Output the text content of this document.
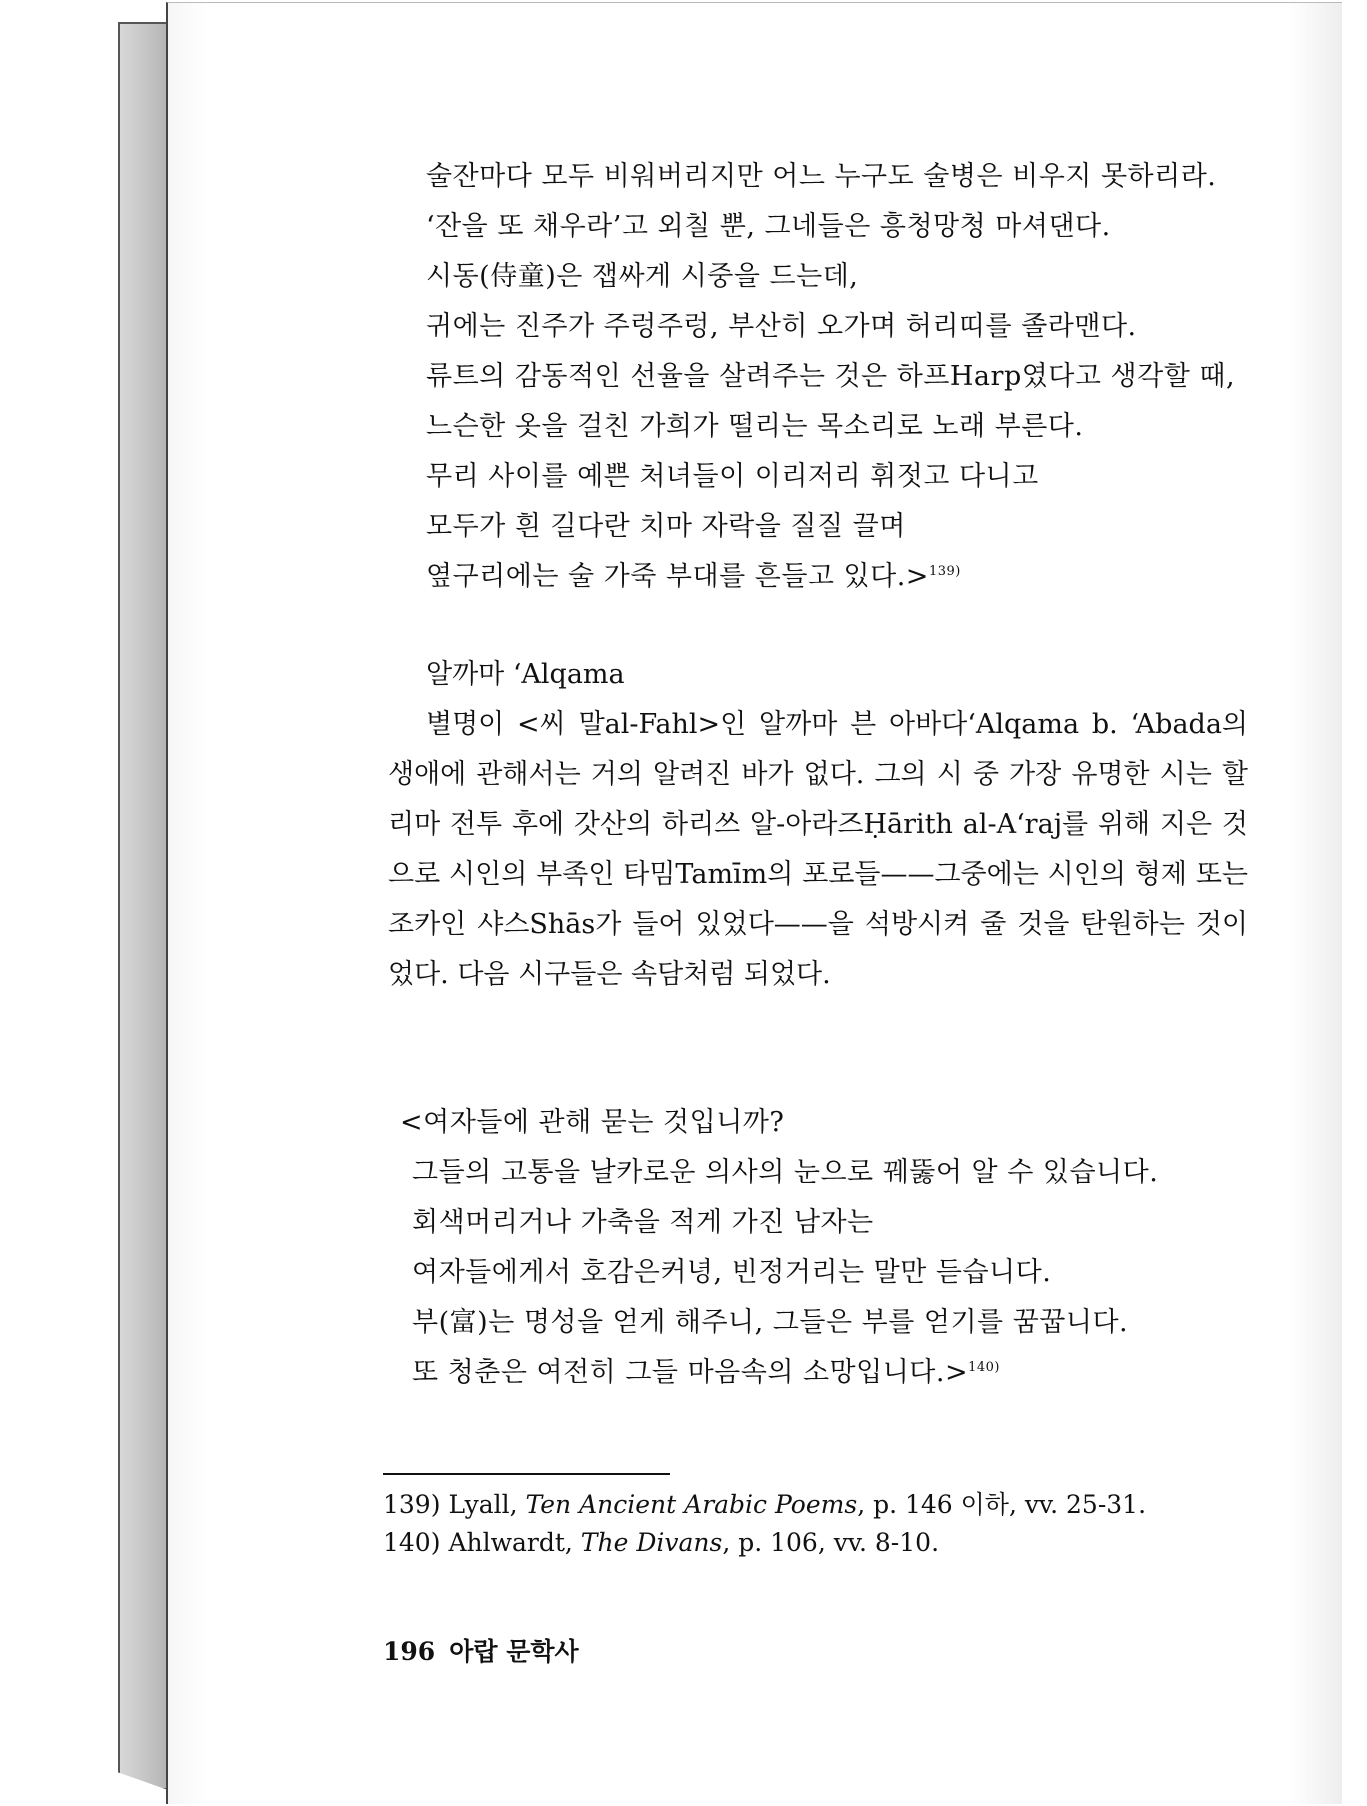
술잔마다 모두 비워버리지만 어느 누구도 술병은 비우지 못하리라.
‘잔을 또 채우라’고 외칠 뿐, 그네들은 흥청망청 마셔댄다.
시동(侍童)은 잽싸게 시중을 드는데,
귀에는 진주가 주렁주렁, 부산히 오가며 허리띠를 졸라맨다.
류트의 감동적인 선율을 살려주는 것은 하프Harp였다고 생각할 때,
느슨한 옷을 걸친 가희가 떨리는 목소리로 노래 부른다.
무리 사이를 예쁜 처녀들이 이리저리 휘젓고 다니고
모두가 흰 길다란 치마 자락을 질질 끌며
옆구리에는 술 가죽 부대를 흔들고 있다.>$^{139)}$
알까마 ‘Alqama

별명이 <씨 말al-Fahl>인 알까마 븐 아바다‘Alqama b. ‘Abada의 생애에 관해서는 거의 알려진 바가 없다. 그의 시 중 가장 유명한 시는 할리마 전투 후에 갓산의 하리쓰 알-아라즈Ḥārith al-A‘raj를 위해 지은 것으로 시인의 부족인 타밈Tamīm의 포로들——그중에는 시인의 형제 또는 조카인 샤스Shās가 들어 있었다——을 석방시켜 줄 것을 탄원하는 것이었다. 다음 시구들은 속담처럼 되었다.

<여자들에 관해 묻는 것입니까?
그들의 고통을 날카로운 의사의 눈으로 꿰뚫어 알 수 있습니다.
회색머리거나 가축을 적게 가진 남자는
여자들에게서 호감은커녕, 빈정거리는 말만 듣습니다.
부(富)는 명성을 얻게 해주니, 그들은 부를 얻기를 꿈꿉니다.
또 청춘은 여전히 그들 마음속의 소망입니다.>$^{140)}$
139) Lyall, Ten Ancient Arabic Poems, p. 146 이하, vv. 25-31.
140) Ahlwardt, The Divans, p. 106, vv. 8-10.
196 아랍 문학사
